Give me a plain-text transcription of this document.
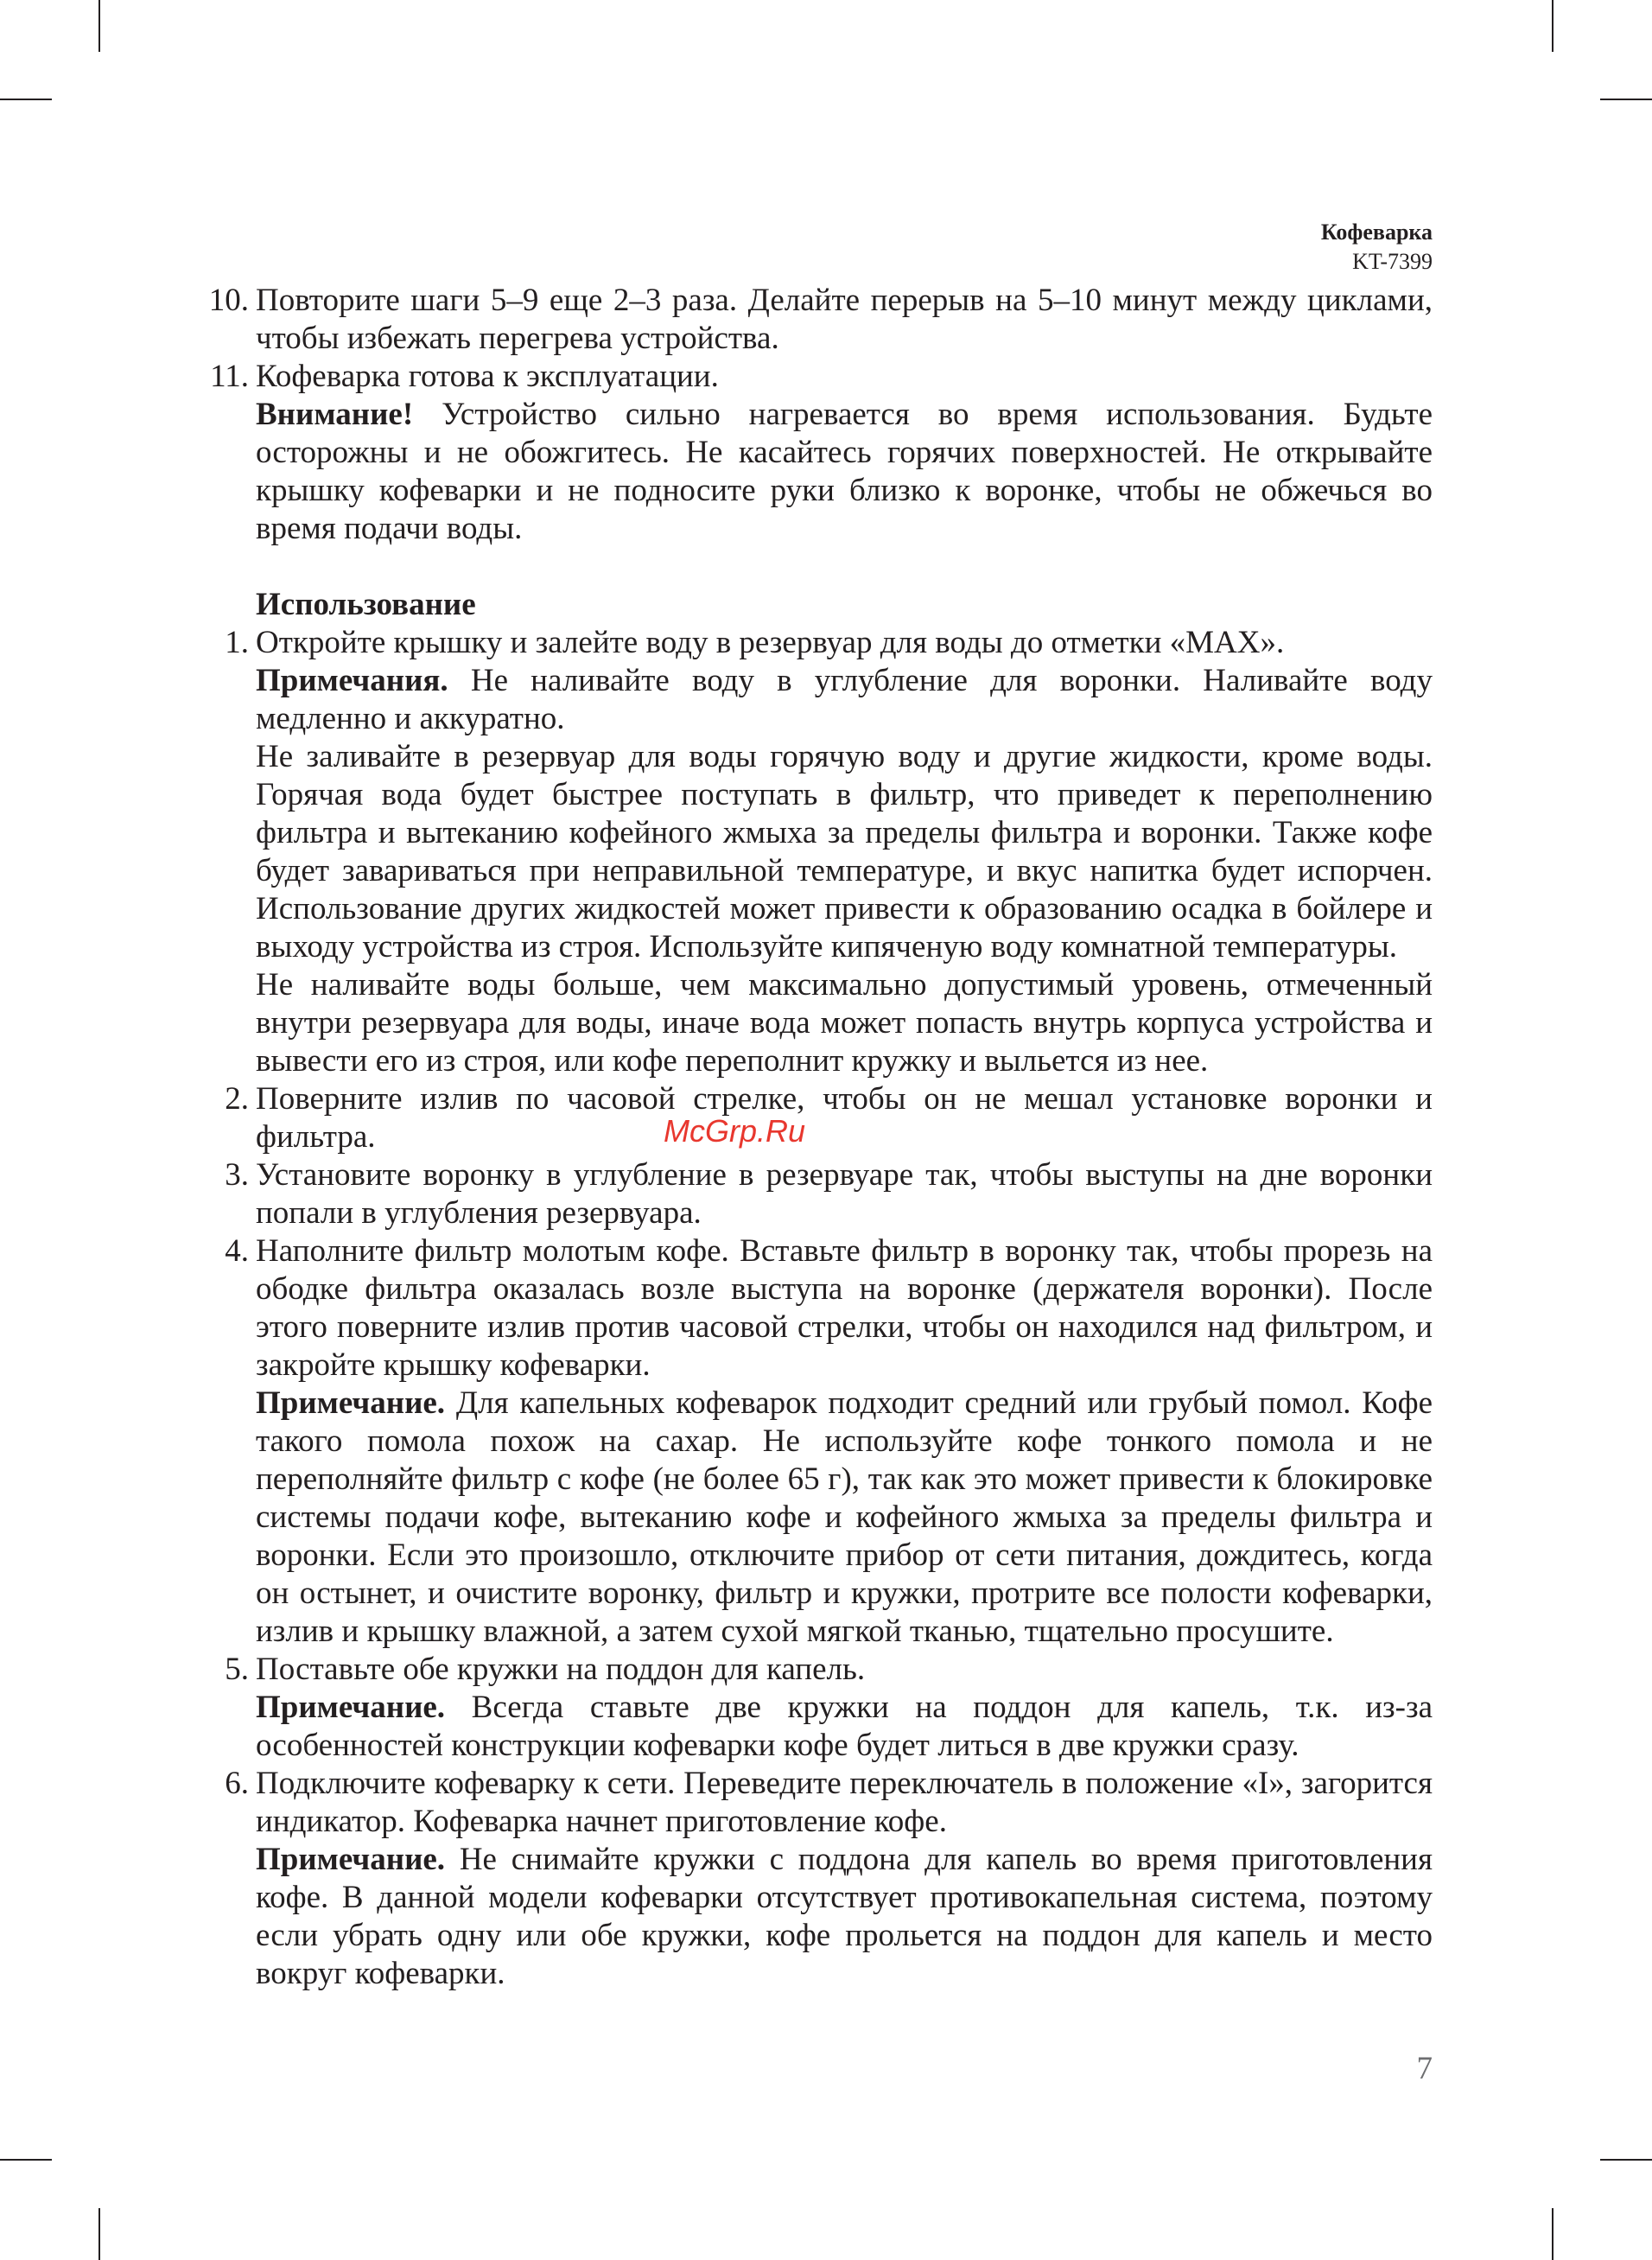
Кофеварка
KT-7399
10. Повторите шаги 5–9 еще 2–3 раза. Делайте перерыв на 5–10 минут между циклами, чтобы избежать перегрева устройства.
11. Кофеварка готова к эксплуатации.
Внимание! Устройство сильно нагревается во время использования. Будьте осторожны и не обожгитесь. Не касайтесь горячих поверхностей. Не открывайте крышку кофеварки и не подносите руки близко к воронке, чтобы не обжечься во время подачи воды.
Использование
1. Откройте крышку и залейте воду в резервуар для воды до отметки «MAX».

Примечания. Не наливайте воду в углубление для воронки. Наливайте воду медленно и аккуратно.

Не заливайте в резервуар для воды горячую воду и другие жидкости, кроме воды. Горячая вода будет быстрее поступать в фильтр, что приведет к переполнению фильтра и вытеканию кофейного жмыха за пределы фильтра и воронки. Также кофе будет завариваться при неправильной температуре, и вкус напитка будет испорчен. Использование других жидкостей может привести к образованию осадка в бойлере и выходу устройства из строя. Используйте кипяченую воду комнатной температуры.

Не наливайте воды больше, чем максимально допустимый уровень, отмеченный внутри резервуара для воды, иначе вода может попасть внутрь корпуса устройства и вывести его из строя, или кофе переполнит кружку и выльется из нее.

2. Поверните излив по часовой стрелке, чтобы он не мешал установке воронки и фильтра.
3. Установите воронку в углубление в резервуаре так, чтобы выступы на дне воронки попали в углубления резервуара.
4. Наполните фильтр молотым кофе. Вставьте фильтр в воронку так, чтобы прорезь на ободке фильтра оказалась возле выступа на воронке (держателя воронки). После этого поверните излив против часовой стрелки, чтобы он находился над фильтром, и закройте крышку кофеварки.

Примечание. Для капельных кофеварок подходит средний или грубый помол. Кофе такого помола похож на сахар. Не используйте кофе тонкого помола и не переполняйте фильтр с кофе (не более 65 г), так как это может привести к блокировке системы подачи кофе, вытеканию кофе и кофейного жмыха за пределы фильтра и воронки. Если это произошло, отключите прибор от сети питания, дождитесь, когда он остынет, и очистите воронку, фильтр и кружки, протрите все полости кофеварки, излив и крышку влажной, а затем сухой мягкой тканью, тщательно просушите.

5. Поставьте обе кружки на поддон для капель.

Примечание. Всегда ставьте две кружки на поддон для капель, т.к. из-за особенностей конструкции кофеварки кофе будет литься в две кружки сразу.

6. Подключите кофеварку к сети. Переведите переключатель в положение «I», загорится индикатор. Кофеварка начнет приготовление кофе.

Примечание. Не снимайте кружки с поддона для капель во время приготовления кофе. В данной модели кофеварки отсутствует противокапельная система, поэтому если убрать одну или обе кружки, кофе прольется на поддон для капель и место вокруг кофеварки.

McGrp.Ru
7
